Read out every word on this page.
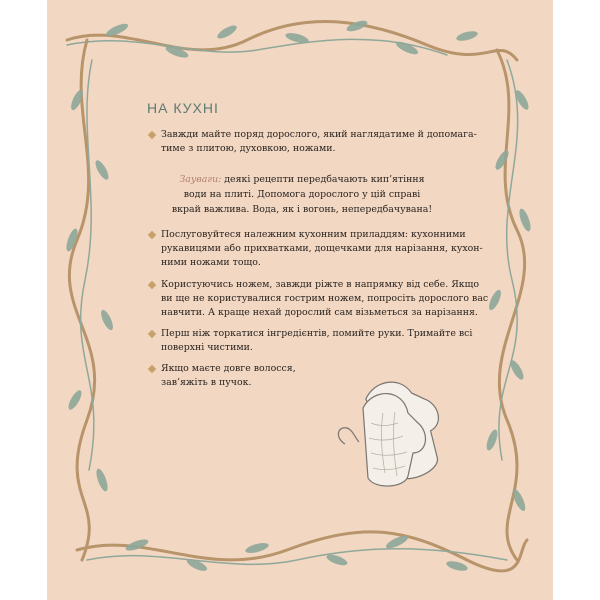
НА КУХНІ
Завжди майте поряд дорослого, який наглядатиме й допомага-
тиме з плитою, духовкою, ножами.
Зауваги: деякі рецепти передбачають кип’ятіння
води на плиті. Допомога дорослого у цій справі
вкрай важлива. Вода, як і вогонь, непередбачувана!
Послуговуйтеся належним кухонним приладдям: кухонними
рукавицями або прихватками, дощечками для нарізання, кухон-
ними ножами тощо.
Користуючись ножем, завжди ріжте в напрямку від себе. Якщо
ви ще не користувалися гострим ножем, попросіть дорослого вас
навчити. А краще нехай дорослий сам візьметься за нарізання.
Перш ніж торкатися інгредієнтів, помийте руки. Тримайте всі
поверхні чистими.
Якщо маєте довге волосся,
зав’яжіть в пучок.
